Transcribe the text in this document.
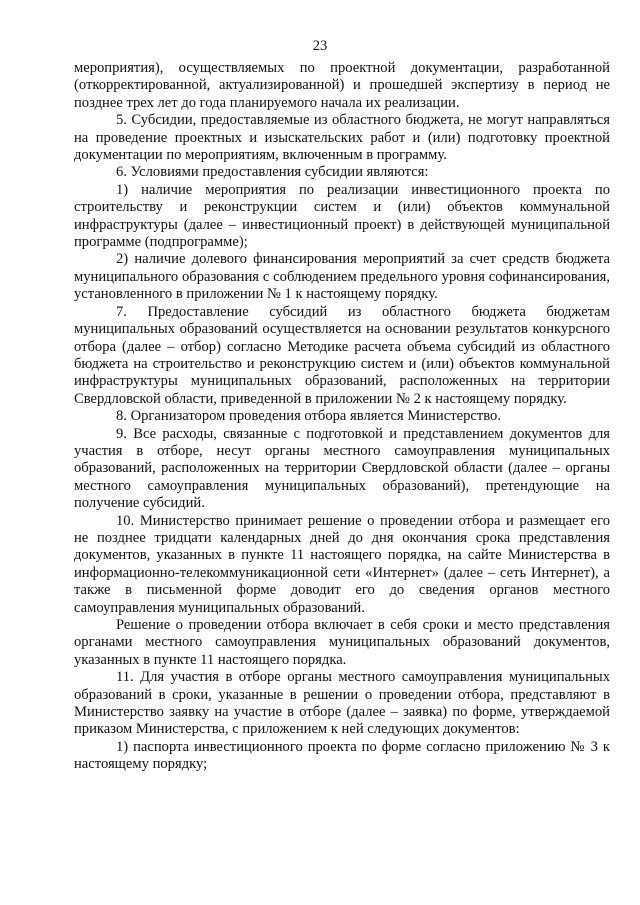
23

мероприятия), осуществляемых по проектной документации, разработанной (откорректированной, актуализированной) и прошедшей экспертизу в период не позднее трех лет до года планируемого начала их реализации.

5. Субсидии, предоставляемые из областного бюджета, не могут направляться на проведение проектных и изыскательских работ и (или) подготовку проектной документации по мероприятиям, включенным в программу.

6. Условиями предоставления субсидии являются:

1) наличие мероприятия по реализации инвестиционного проекта по строительству и реконструкции систем и (или) объектов коммунальной инфраструктуры (далее – инвестиционный проект) в действующей муниципальной программе (подпрограмме);

2) наличие долевого финансирования мероприятий за счет средств бюджета муниципального образования с соблюдением предельного уровня софинансирования, установленного в приложении № 1 к настоящему порядку.

7. Предоставление субсидий из областного бюджета бюджетам муниципальных образований осуществляется на основании результатов конкурсного отбора (далее – отбор) согласно Методике расчета объема субсидий из областного бюджета на строительство и реконструкцию систем и (или) объектов коммунальной инфраструктуры муниципальных образований, расположенных на территории Свердловской области, приведенной в приложении № 2 к настоящему порядку.

8. Организатором проведения отбора является Министерство.

9. Все расходы, связанные с подготовкой и представлением документов для участия в отборе, несут органы местного самоуправления муниципальных образований, расположенных на территории Свердловской области (далее – органы местного самоуправления муниципальных образований), претендующие на получение субсидий.

10. Министерство принимает решение о проведении отбора и размещает его не позднее тридцати календарных дней до дня окончания срока представления документов, указанных в пункте 11 настоящего порядка, на сайте Министерства в информационно-телекоммуникационной сети «Интернет» (далее – сеть Интернет), а также в письменной форме доводит его до сведения органов местного самоуправления муниципальных образований.

Решение о проведении отбора включает в себя сроки и место представления органами местного самоуправления муниципальных образований документов, указанных в пункте 11 настоящего порядка.

11. Для участия в отборе органы местного самоуправления муниципальных образований в сроки, указанные в решении о проведении отбора, представляют в Министерство заявку на участие в отборе (далее – заявка) по форме, утверждаемой приказом Министерства, с приложением к ней следующих документов:

1) паспорта инвестиционного проекта по форме согласно приложению № 3 к настоящему порядку;
